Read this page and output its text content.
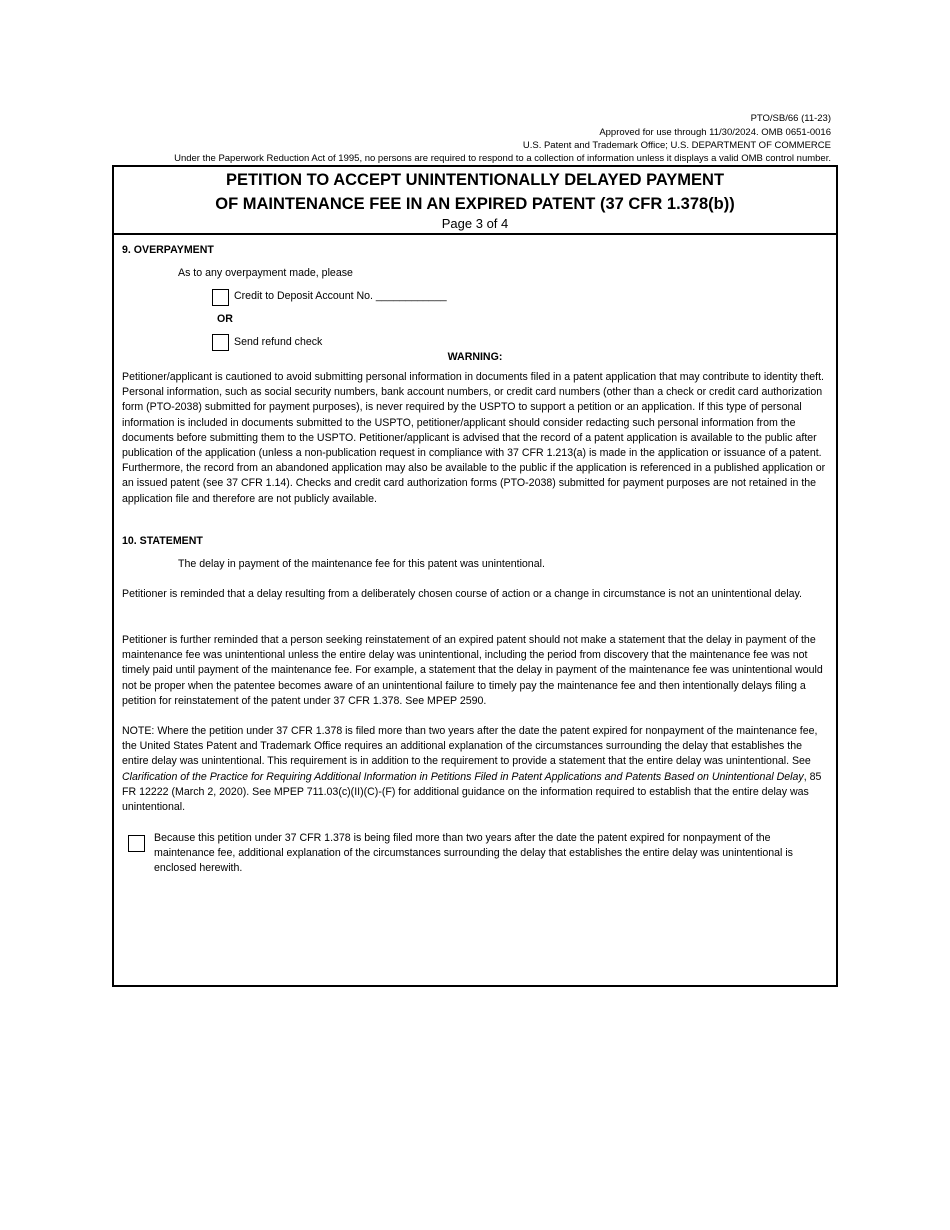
PTO/SB/66 (11-23)
Approved for use through 11/30/2024. OMB 0651-0016
U.S. Patent and Trademark Office; U.S. DEPARTMENT OF COMMERCE
Under the Paperwork Reduction Act of 1995, no persons are required to respond to a collection of information unless it displays a valid OMB control number.
PETITION TO ACCEPT UNINTENTIONALLY DELAYED PAYMENT
OF MAINTENANCE FEE IN AN EXPIRED PATENT (37 CFR 1.378(b))
Page 3 of 4
9. OVERPAYMENT
As to any overpayment made, please
Credit to Deposit Account No. ____________
OR
Send refund check
WARNING:
Petitioner/applicant is cautioned to avoid submitting personal information in documents filed in a patent application that may contribute to identity theft. Personal information, such as social security numbers, bank account numbers, or credit card numbers (other than a check or credit card authorization form (PTO-2038) submitted for payment purposes), is never required by the USPTO to support a petition or an application. If this type of personal information is included in documents submitted to the USPTO, petitioner/applicant should consider redacting such personal information from the documents before submitting them to the USPTO. Petitioner/applicant is advised that the record of a patent application is available to the public after publication of the application (unless a non-publication request in compliance with 37 CFR 1.213(a) is made in the application or issuance of a patent. Furthermore, the record from an abandoned application may also be available to the public if the application is referenced in a published application or an issued patent (see 37 CFR 1.14). Checks and credit card authorization forms (PTO-2038) submitted for payment purposes are not retained in the application file and therefore are not publicly available.
10. STATEMENT
The delay in payment of the maintenance fee for this patent was unintentional.
Petitioner is reminded that a delay resulting from a deliberately chosen course of action or a change in circumstance is not an unintentional delay.
Petitioner is further reminded that a person seeking reinstatement of an expired patent should not make a statement that the delay in payment of the maintenance fee was unintentional unless the entire delay was unintentional, including the period from discovery that the maintenance fee was not timely paid until payment of the maintenance fee. For example, a statement that the delay in payment of the maintenance fee was unintentional would not be proper when the patentee becomes aware of an unintentional failure to timely pay the maintenance fee and then intentionally delays filing a petition for reinstatement of the patent under 37 CFR 1.378. See MPEP 2590.
NOTE: Where the petition under 37 CFR 1.378 is filed more than two years after the date the patent expired for nonpayment of the maintenance fee, the United States Patent and Trademark Office requires an additional explanation of the circumstances surrounding the delay that establishes the entire delay was unintentional. This requirement is in addition to the requirement to provide a statement that the entire delay was unintentional. See Clarification of the Practice for Requiring Additional Information in Petitions Filed in Patent Applications and Patents Based on Unintentional Delay, 85 FR 12222 (March 2, 2020). See MPEP 711.03(c)(II)(C)-(F) for additional guidance on the information required to establish that the entire delay was unintentional.
Because this petition under 37 CFR 1.378 is being filed more than two years after the date the patent expired for nonpayment of the maintenance fee, additional explanation of the circumstances surrounding the delay that establishes the entire delay was unintentional is enclosed herewith.
